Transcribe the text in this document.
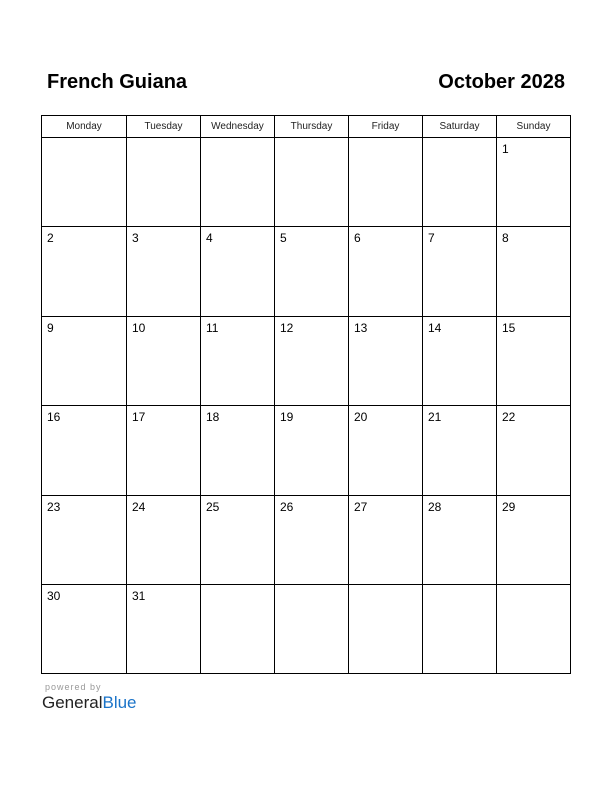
French Guiana	October 2028
Monday	Tuesday	Wednesday	Thursday	Friday	Saturday	Sunday

						1

2	3	4	5	6	7	8

9	10	11	12	13	14	15

16	17	18	19	20	21	22

23	24	25	26	27	28	29

30	31					

powered by
GeneralBlue
